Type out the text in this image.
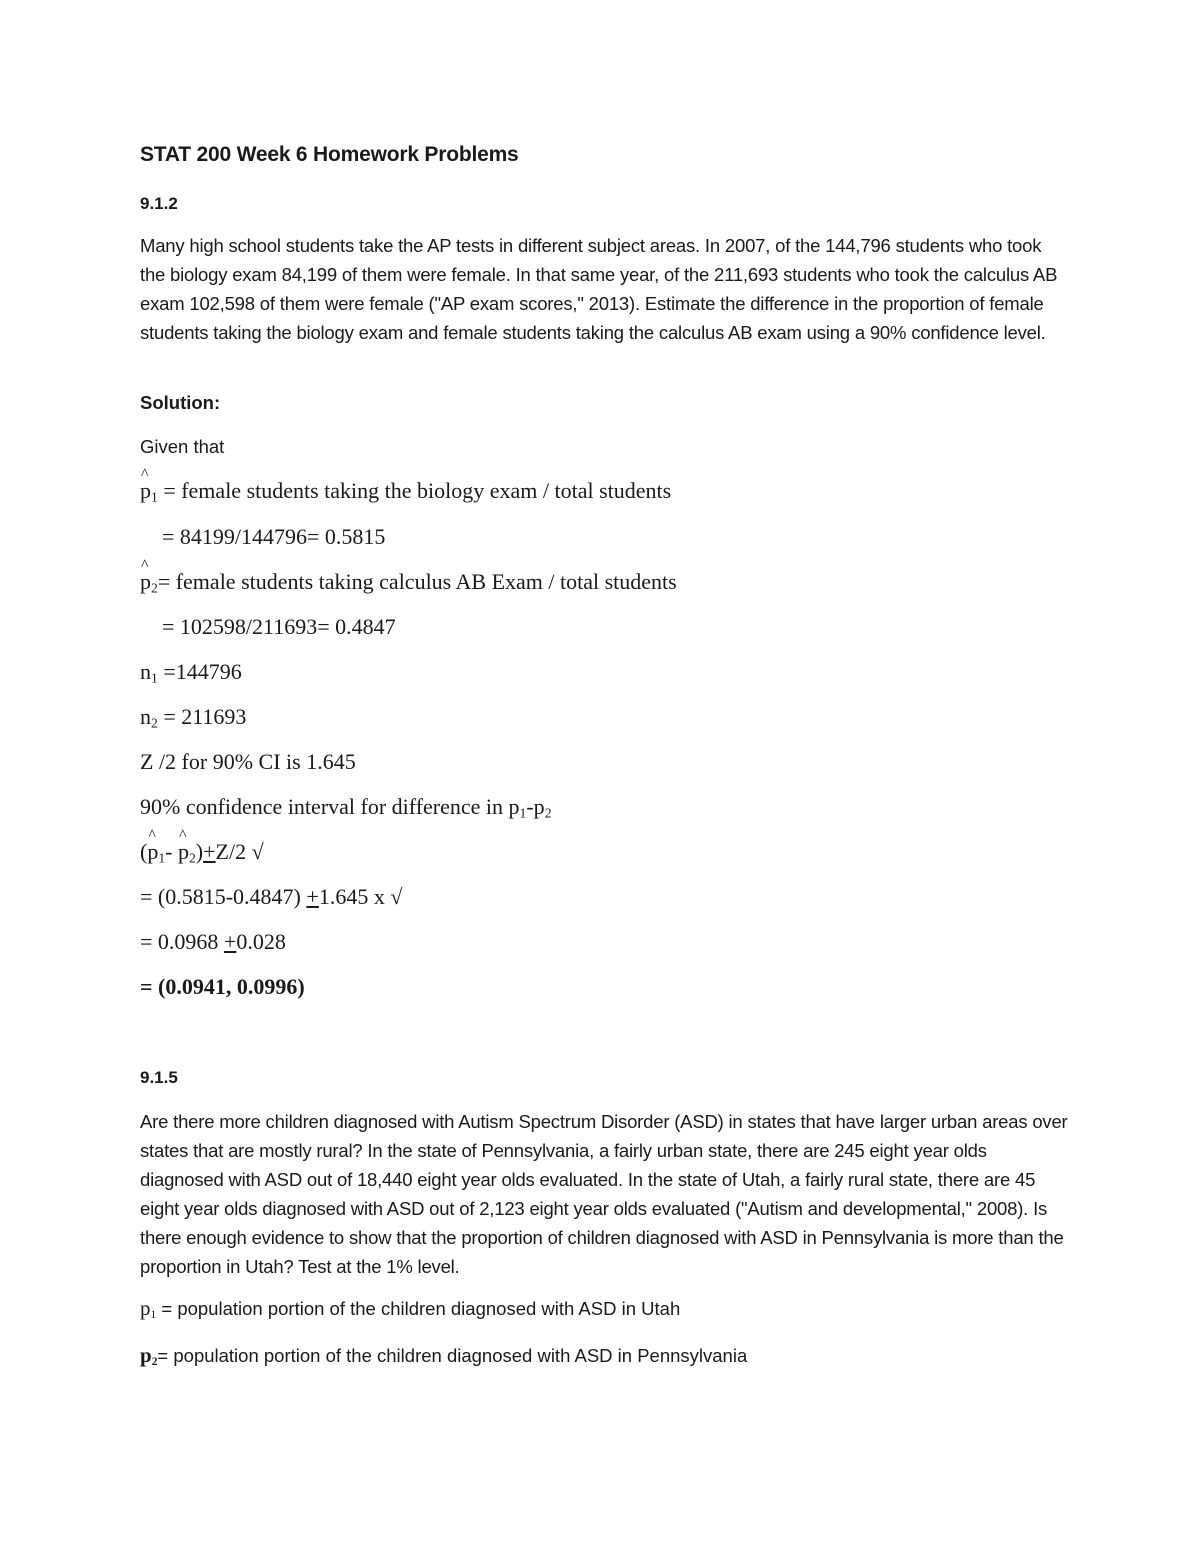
STAT 200 Week 6 Homework Problems
9.1.2
Many high school students take the AP tests in different subject areas. In 2007, of the 144,796 students who took the biology exam 84,199 of them were female. In that same year, of the 211,693 students who took the calculus AB exam 102,598 of them were female ("AP exam scores," 2013). Estimate the difference in the proportion of female students taking the biology exam and female students taking the calculus AB exam using a 90% confidence level.
Solution:
Given that
^ $p_1$ = female students taking the biology exam / total students
= 84199/144796= 0.5815
^ $p_2=$ female students taking calculus AB Exam / total students
= 102598/211693= 0.4847
$n_1 =144796$
$n_2 = 211693$
Z /2 for 90% CI is 1.645
90% confidence interval for difference in $p_1-p_2$
(^ $p_1-$ ^ $p_2)+Z/2$ √
= (0.5815-0.4847) +1.645 x √
= 0.0968 +0.028
= (0.0941, 0.0996)
9.1.5
Are there more children diagnosed with Autism Spectrum Disorder (ASD) in states that have larger urban areas over states that are mostly rural? In the state of Pennsylvania, a fairly urban state, there are 245 eight year olds diagnosed with ASD out of 18,440 eight year olds evaluated. In the state of Utah, a fairly rural state, there are 45 eight year olds diagnosed with ASD out of 2,123 eight year olds evaluated ("Autism and developmental," 2008). Is there enough evidence to show that the proportion of children diagnosed with ASD in Pennsylvania is more than the proportion in Utah? Test at the 1% level.
$p_1$ = population portion of the children diagnosed with ASD in Utah
$p_2=$ population portion of the children diagnosed with ASD in Pennsylvania
